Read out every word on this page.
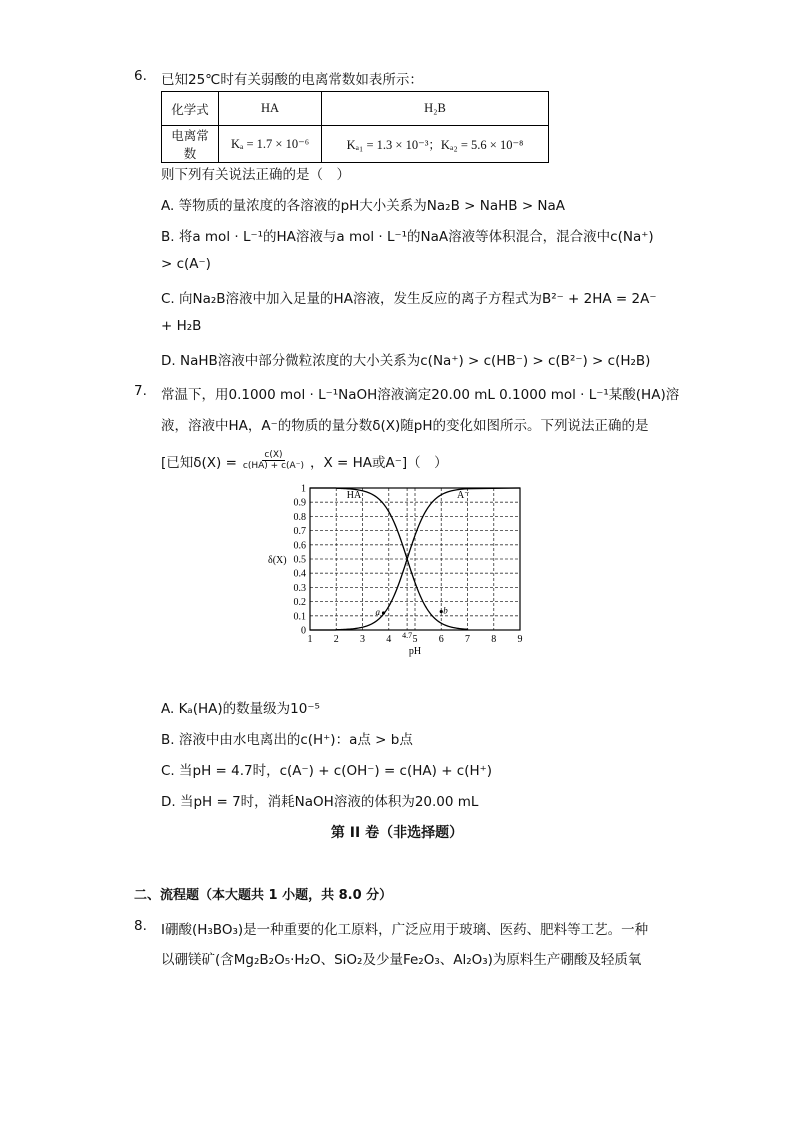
6. 已知25℃时有关弱酸的电离常数如表所示：
化学式	HA	H₂B
电离常数	Kₐ = 1.7 × 10⁻⁶	Kₐ₁ = 1.3 × 10⁻³；Kₐ₂ = 5.6 × 10⁻⁸
则下列有关说法正确的是（　）
A. 等物质的量浓度的各溶液的pH大小关系为Na₂B > NaHB > NaA
B. 将a mol · L⁻¹的HA溶液与a mol · L⁻¹的NaA溶液等体积混合，混合液中c(Na⁺)
> c(A⁻)
C. 向Na₂B溶液中加入足量的HA溶液，发生反应的离子方程式为B²⁻ + 2HA = 2A⁻
+ H₂B
D. NaHB溶液中部分微粒浓度的大小关系为c(Na⁺) > c(HB⁻) > c(B²⁻) > c(H₂B)
7. 常温下，用0.1000 mol · L⁻¹NaOH溶液滴定20.00 mL 0.1000 mol · L⁻¹某酸(HA)溶
液，溶液中HA，A⁻的物质的量分数δ(X)随pH的变化如图所示。下列说法正确的是
[已知$\delta(X) = \frac{c(X)}{c(HA) + c(A^-)}$ ，X = HA或A⁻]（　）
0
0.1
0.2
0.3
0.4
0.5
0.6
0.7
0.8
0.9
1
1 2 3 4 5 6 7 8 9
4.7
pH
δ(X)
HA	A⁻
a	b
A. Kₐ(HA)的数量级为10⁻⁵
B. 溶液中由水电离出的c(H⁺)：a点 > b点
C. 当pH = 4.7时，c(A⁻) + c(OH⁻) = c(HA) + c(H⁺)
D. 当pH = 7时，消耗NaOH溶液的体积为20.00 mL
第 II 卷（非选择题）
二、流程题（本大题共 1 小题，共 8.0 分）
8. I硼酸(H₃BO₃)是一种重要的化工原料，广泛应用于玻璃、医药、肥料等工艺。一种
以硼镁矿(含Mg₂B₂O₅·H₂O、SiO₂及少量Fe₂O₃、Al₂O₃)为原料生产硼酸及轻质氧
